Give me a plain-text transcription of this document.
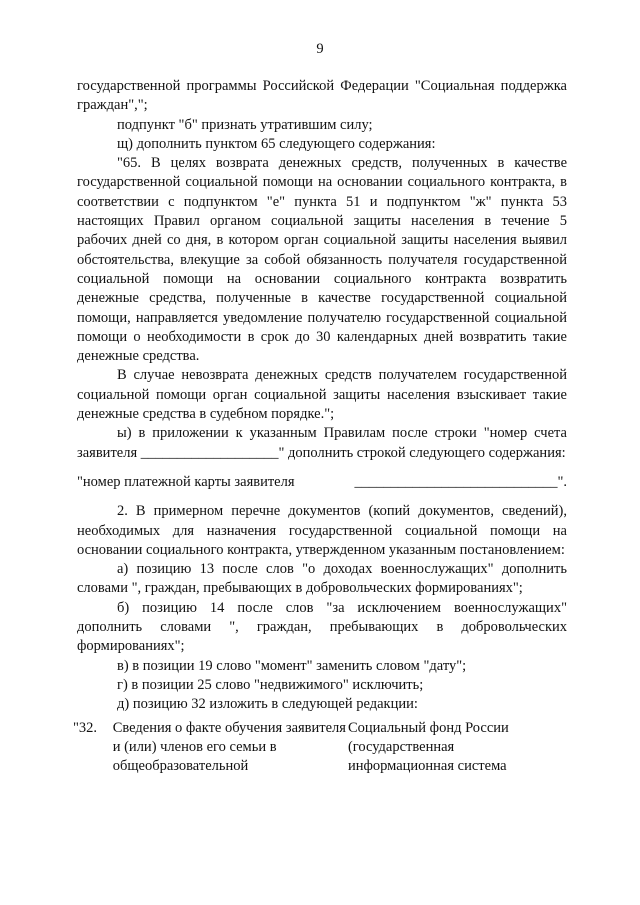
9

государственной программы Российской Федерации "Социальная поддержка граждан",";

подпункт "б" признать утратившим силу;

щ) дополнить пунктом 65 следующего содержания:

"65. В целях возврата денежных средств, полученных в качестве государственной социальной помощи на основании социального контракта, в соответствии с подпунктом "е" пункта 51 и подпунктом "ж" пункта 53 настоящих Правил органом социальной защиты населения в течение 5 рабочих дней со дня, в котором орган социальной защиты населения выявил обстоятельства, влекущие за собой обязанность получателя государственной социальной помощи на основании социального контракта возвратить денежные средства, полученные в качестве государственной социальной помощи, направляется уведомление получателю государственной социальной помощи о необходимости в срок до 30 календарных дней возвратить такие денежные средства.

В случае невозврата денежных средств получателем государственной социальной помощи орган социальной защиты населения взыскивает такие денежные средства в судебном порядке.";

ы) в приложении к указанным Правилам после строки "номер счета заявителя ___________________" дополнить строкой следующего содержания:

"номер платежной карты заявителя	____________________________".

2. В примерном перечне документов (копий документов, сведений), необходимых для назначения государственной социальной помощи на основании социального контракта, утвержденном указанным постановлением:

а) позицию 13 после слов "о доходах военнослужащих" дополнить словами ", граждан, пребывающих в добровольческих формированиях";

б) позицию 14 после слов "за исключением военнослужащих" дополнить словами ", граждан, пребывающих в добровольческих формированиях";

в) в позиции 19 слово "момент" заменить словом "дату";

г) в позиции 25 слово "недвижимого" исключить;

д) позицию 32 изложить в следующей редакции:

"32.	Сведения о факте обучения заявителя и (или) членов его семьи в общеобразовательной	Социальный фонд России (государственная информационная система
